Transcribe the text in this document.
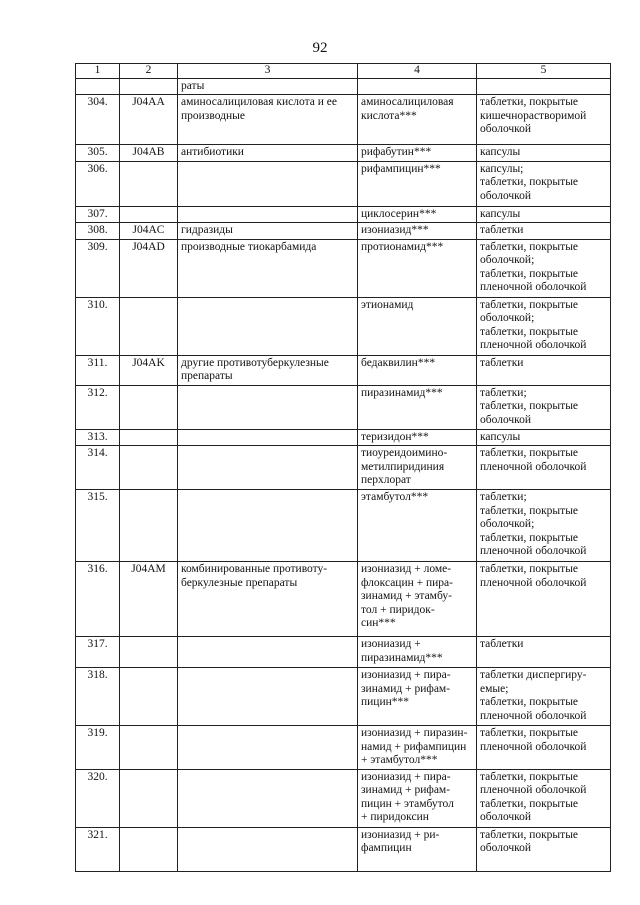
92
1	2	3	4	5
		раты		
304.	J04AA	аминосалициловая кислота и ее
производные	аминосалициловая
кислота***	таблетки, покрытые
кишечнорастворимой
оболочкой

305.	J04AB	антибиотики	рифабутин***	капсулы

306.			рифампицин***	капсулы;
таблетки, покрытые
оболочкой

307.			циклосерин***	капсулы

308.	J04AC	гидразиды	изониазид***	таблетки

309.	J04AD	производные тиокарбамида	протионамид***	таблетки, покрытые
оболочкой;
таблетки, покрытые
пленочной оболочкой

310.			этионамид	таблетки, покрытые
оболочкой;
таблетки, покрытые
пленочной оболочкой

311.	J04AK	другие противотуберкулезные
препараты	бедаквилин***	таблетки

312.			пиразинамид***	таблетки;
таблетки, покрытые
оболочкой

313.			теризидон***	капсулы

314.			тиоуреидоимино-
метилпиридиния
перхлорат	таблетки, покрытые
пленочной оболочкой

315.			этамбутол***	таблетки;
таблетки, покрытые
оболочкой;
таблетки, покрытые
пленочной оболочкой

316.	J04AM	комбинированные противоту-
беркулезные препараты	изониазид + ломе-
флоксацин + пира-
зинамид + этамбу-
тол + пиридок-
син***	таблетки, покрытые
пленочной оболочкой

317.			изониазид +
пиразинамид***	таблетки

318.			изониазид + пира-
зинамид + рифам-
пицин***	таблетки диспергиру-
емые;
таблетки, покрытые
пленочной оболочкой

319.			изониазид + пиразин-
намид + рифампицин
+ этамбутол***	таблетки, покрытые
пленочной оболочкой

320.			изониазид + пира-
зинамид + рифам-
пицин + этамбутол
+ пиридоксин	таблетки, покрытые
пленочной оболочкой
таблетки, покрытые
оболочкой

321.			изониазид + ри-
фампицин	таблетки, покрытые
оболочкой
